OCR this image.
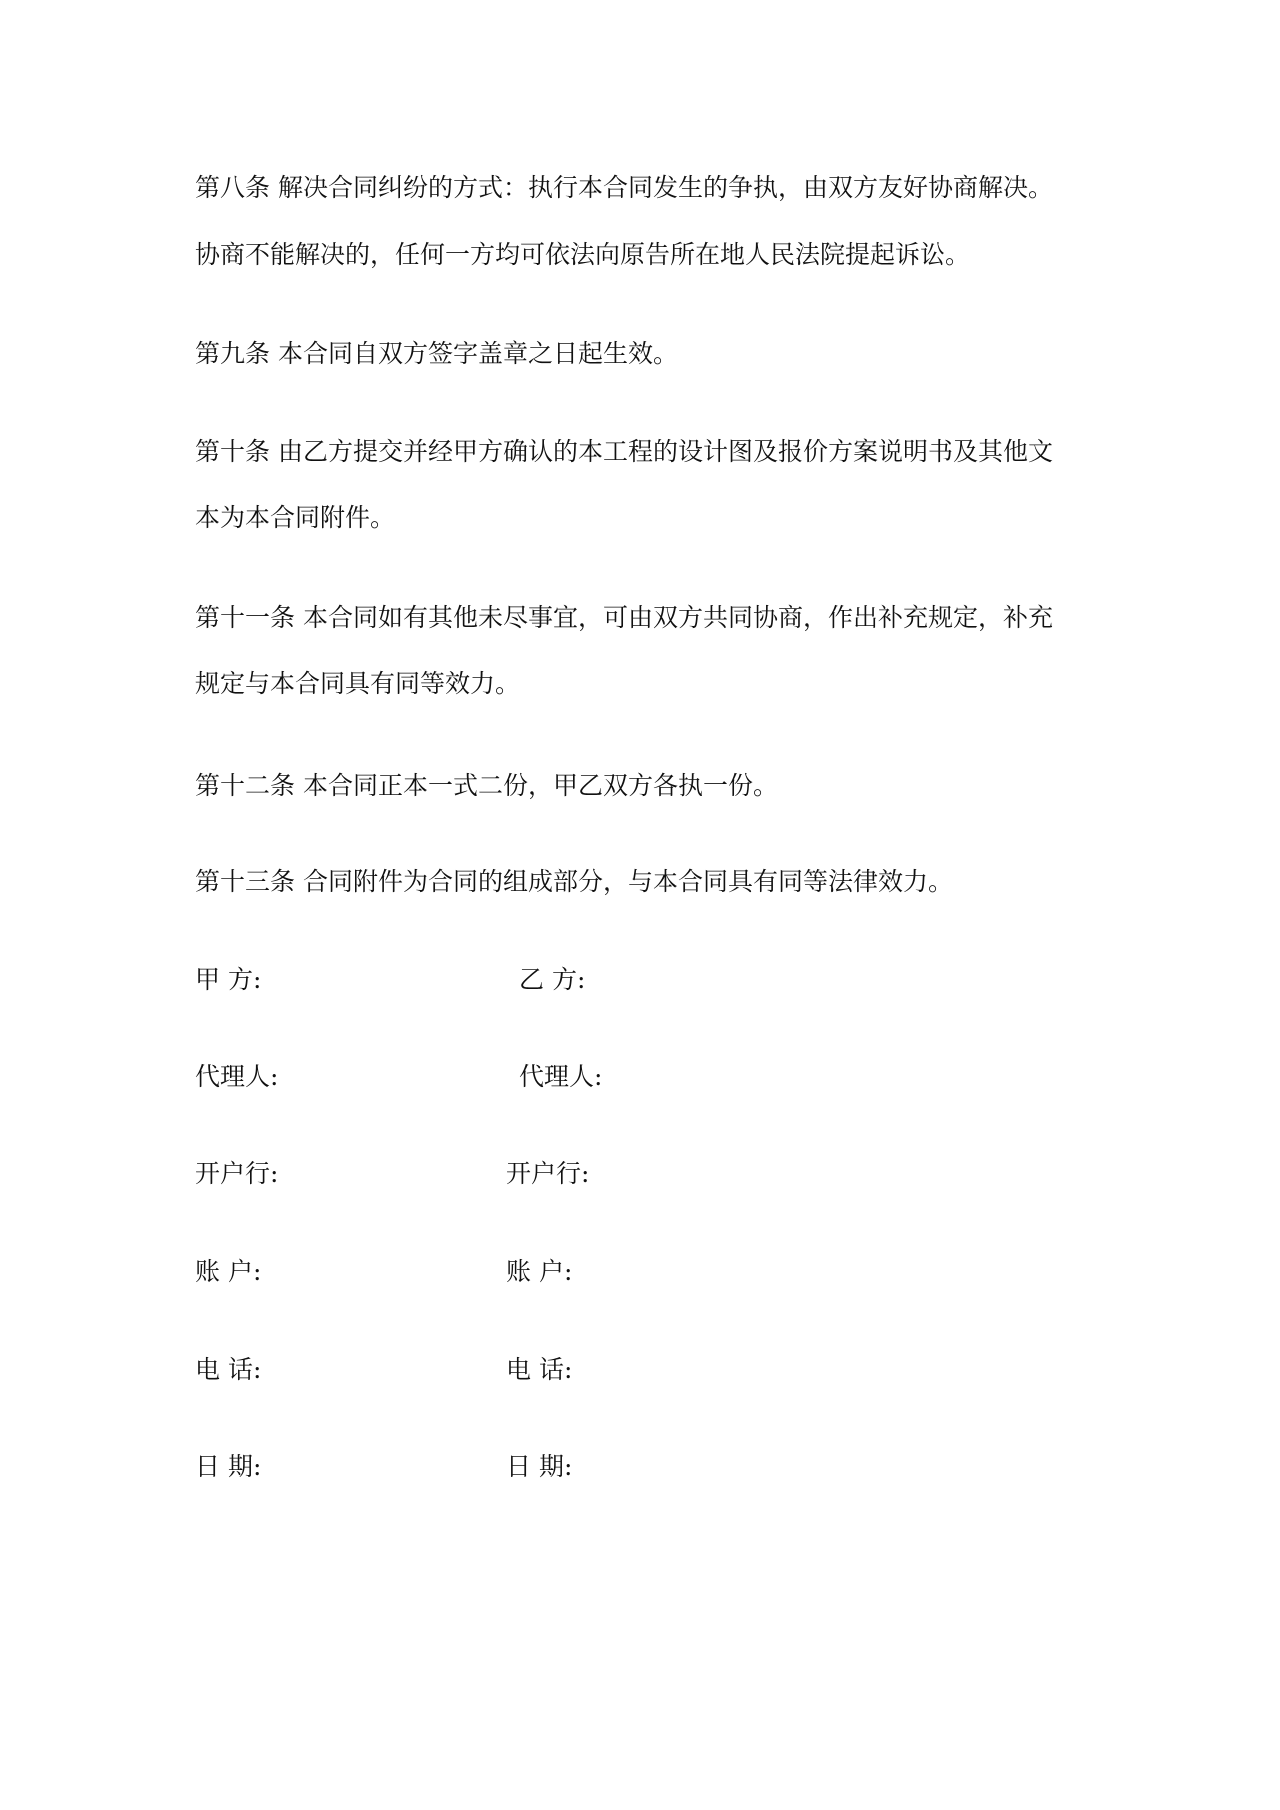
第八条 解决合同纠纷的方式：执行本合同发生的争执，由双方友好协商解决。
协商不能解决的，任何一方均可依法向原告所在地人民法院提起诉讼。
第九条 本合同自双方签字盖章之日起生效。
第十条 由乙方提交并经甲方确认的本工程的设计图及报价方案说明书及其他文
本为本合同附件。
第十一条 本合同如有其他未尽事宜，可由双方共同协商，作出补充规定，补充
规定与本合同具有同等效力。
第十二条 本合同正本一式二份，甲乙双方各执一份。
第十三条 合同附件为合同的组成部分，与本合同具有同等法律效力。
甲 方:	乙 方:
代理人:	代理人:
开户行:	开户行:
账 户:	账 户:
电 话:	电 话:
日 期:	日 期:
